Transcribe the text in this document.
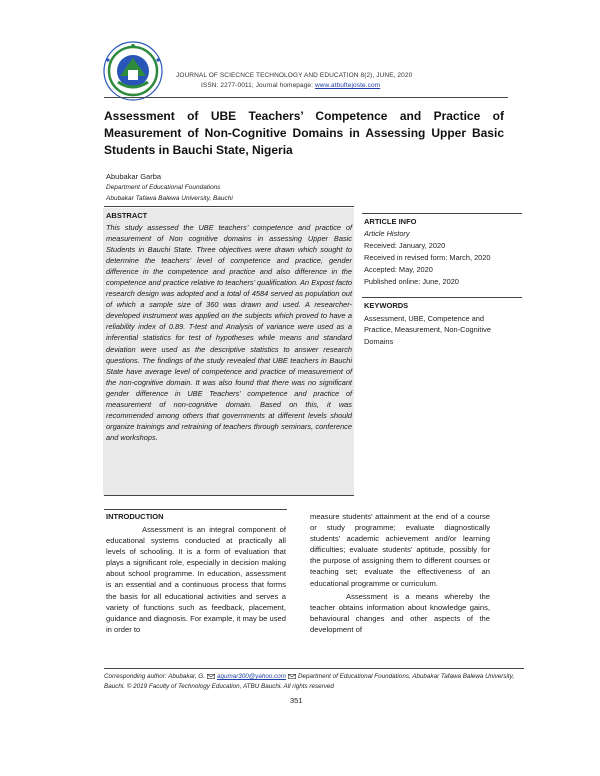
JOURNAL OF SCIECNCE TECHNOLOGY AND EDUCATION 8(2), JUNE, 2020
ISSN: 2277-0011; Journal homepage: www.atbuftejoste.com
Assessment of UBE Teachers’ Competence and Practice of Measurement of Non-Cognitive Domains in Assessing Upper Basic Students in Bauchi State, Nigeria
Abubakar Garba
Department of Educational Foundations
Abubakar Tafawa Balewa University, Bauchi
ABSTRACT
This study assessed the UBE teachers’ competence and practice of measurement of Non cognitive domains in assessing Upper Basic Students in Bauchi State. Three objectives were drawn which sought to determine the teachers’ level of competence and practice, gender difference in the competence and practice and also difference in the competence and practice relative to teachers’ qualification. An Expost facto research design was adopted and a total of 4584 served as population out of which a sample size of 360 was drawn and used. A researcher-developed instrument was applied on the subjects which proved to have a reliability index of 0.89. T-test and Analysis of variance were used as a inferential statistics for test of hypotheses while means and standard deviation were used as the descriptive statistics to answer research questions. The findings of the study revealed that UBE teachers in Bauchi State have average level of competence and practice of measurement of the non-cognitive domain. It was also found that there was no significant gender difference in UBE Teachers’ competence and practice of measurement of non-cognitive domain. Based on this, it was recommended among others that governments at different levels should organize trainings and retraining of teachers through seminars, conference and workshops.
ARTICLE INFO
Article History
Received: January, 2020
Received in revised form: March, 2020
Accepted: May, 2020
Published online: June, 2020
KEYWORDS
Assessment, UBE, Competence and Practice, Measurement, Non-Cognitive Domains
INTRODUCTION

Assessment is an integral component of educational systems conducted at practically all levels of schooling. It is a form of evaluation that plays a significant role, especially in decision making about school programme. In education, assessment is an essential and a continuous process that forms the basis for all educational activities and serves a variety of functions such as feedback, placement, guidance and diagnosis. For example, it may be used in order to

measure students’ attainment at the end of a course or study programme; evaluate diagnostically students’ academic achievement and/or learning difficulties; evaluate students’ aptitude, possibly for the purpose of assigning them to different courses or teaching set; evaluate the effectiveness of an educational programme or curriculum.

Assessment is a means whereby the teacher obtains information about knowledge gains, behavioural changes and other aspects of the development of

Corresponding author: Abubakar, G. agumar300@yahoo.com Department of Educational Foundations, Abubakar Tafawa Balewa University, Bauchi. © 2019 Faculty of Technology Education, ATBU Bauchi. All rights reserved
351
